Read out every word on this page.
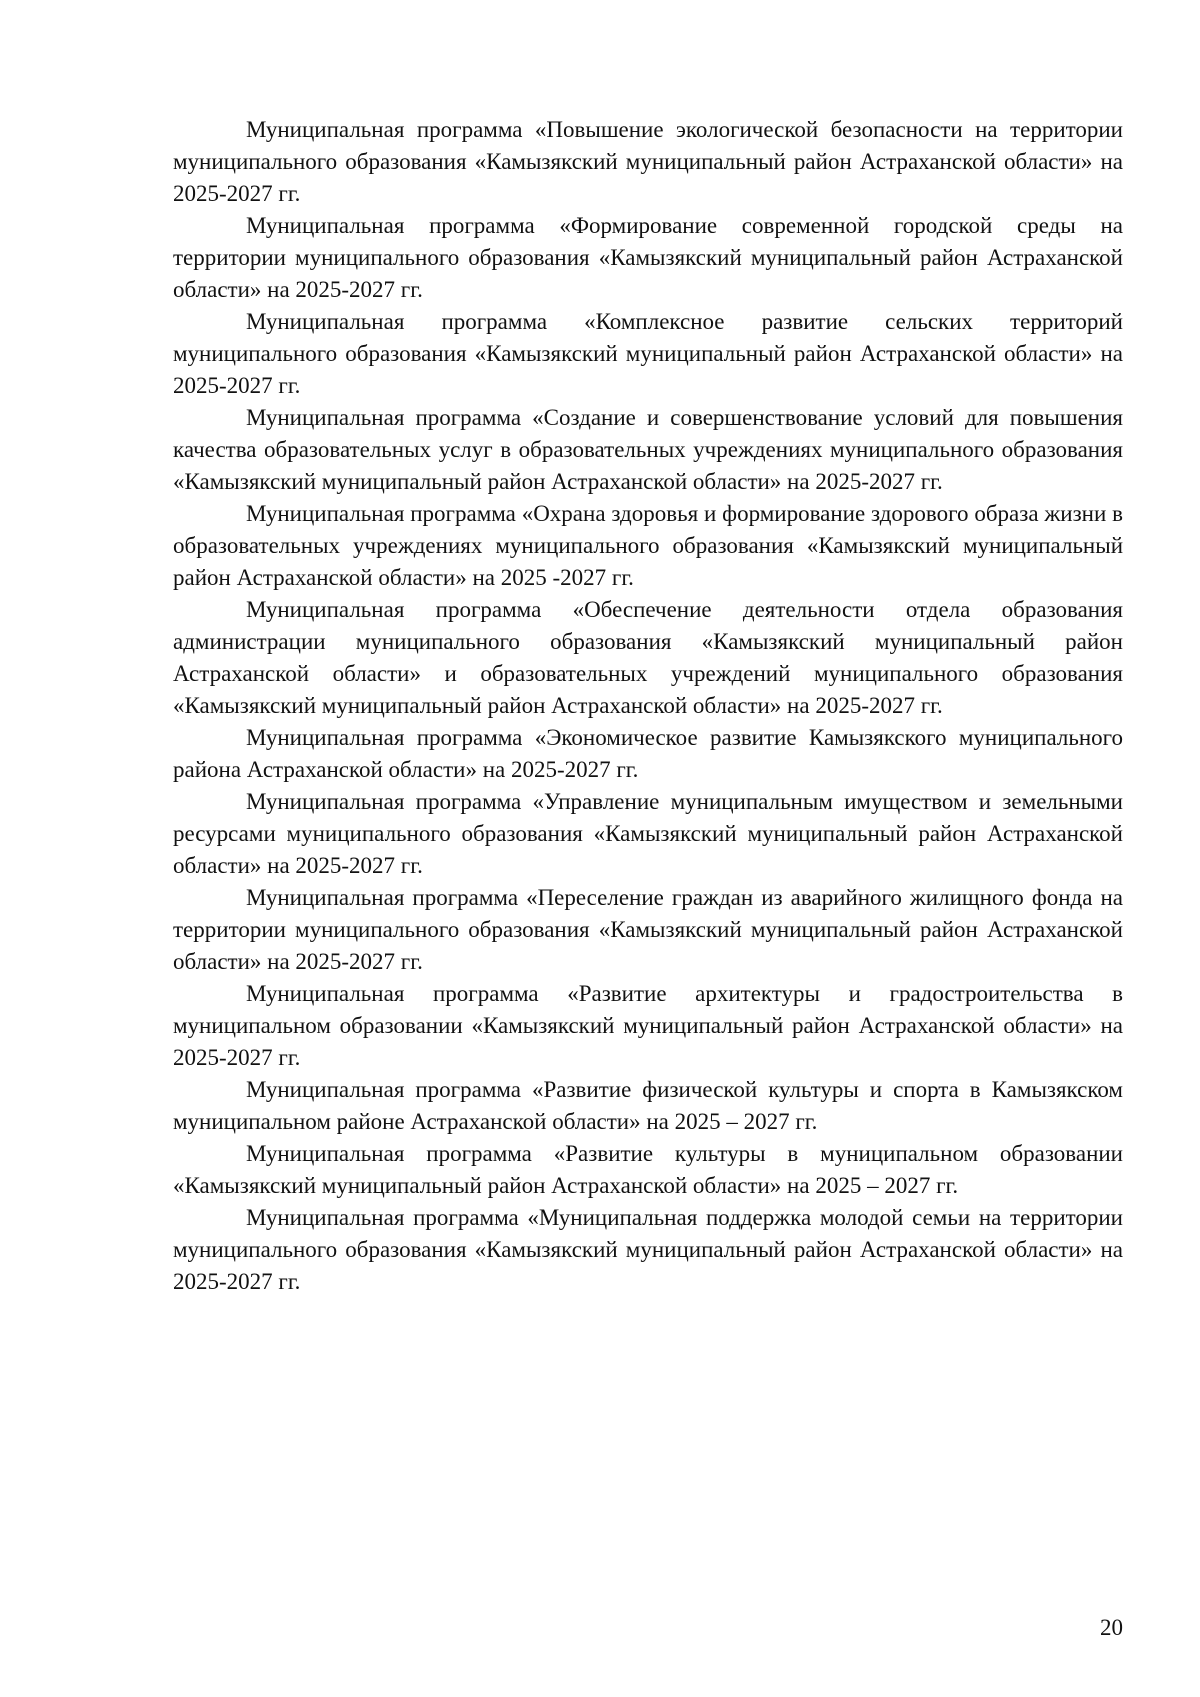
Муниципальная программа «Повышение экологической безопасности на территории муниципального образования «Камызякский муниципальный район Астраханской области» на 2025-2027 гг.

Муниципальная программа «Формирование современной городской среды на территории муниципального образования «Камызякский муниципальный район Астраханской области» на 2025-2027 гг.

Муниципальная программа «Комплексное развитие сельских территорий муниципального образования «Камызякский муниципальный район Астраханской области» на 2025-2027 гг.

Муниципальная программа «Создание и совершенствование условий для повышения качества образовательных услуг в образовательных учреждениях муниципального образования «Камызякский муниципальный район Астраханской области» на 2025-2027 гг.

Муниципальная программа «Охрана здоровья и формирование здорового образа жизни в образовательных учреждениях муниципального образования «Камызякский муниципальный район Астраханской области» на 2025 -2027 гг.

Муниципальная программа «Обеспечение деятельности отдела образования администрации муниципального образования «Камызякский муниципальный район Астраханской области» и образовательных учреждений муниципального образования «Камызякский муниципальный район Астраханской области» на 2025-2027 гг.

Муниципальная программа «Экономическое развитие Камызякского муниципального района Астраханской области» на 2025-2027 гг.

Муниципальная программа «Управление муниципальным имуществом и земельными ресурсами муниципального образования «Камызякский муниципальный район Астраханской области» на 2025-2027 гг.

Муниципальная программа «Переселение граждан из аварийного жилищного фонда на территории муниципального образования «Камызякский муниципальный район Астраханской области» на 2025-2027 гг.

Муниципальная программа «Развитие архитектуры и градостроительства в муниципальном образовании «Камызякский муниципальный район Астраханской области» на 2025-2027 гг.

Муниципальная программа «Развитие физической культуры и спорта в Камызякском муниципальном районе Астраханской области» на 2025 – 2027 гг.

Муниципальная программа «Развитие культуры в муниципальном образовании «Камызякский муниципальный район Астраханской области» на 2025 – 2027 гг.

Муниципальная программа «Муниципальная поддержка молодой семьи на территории муниципального образования «Камызякский муниципальный район Астраханской области» на 2025-2027 гг.

20
